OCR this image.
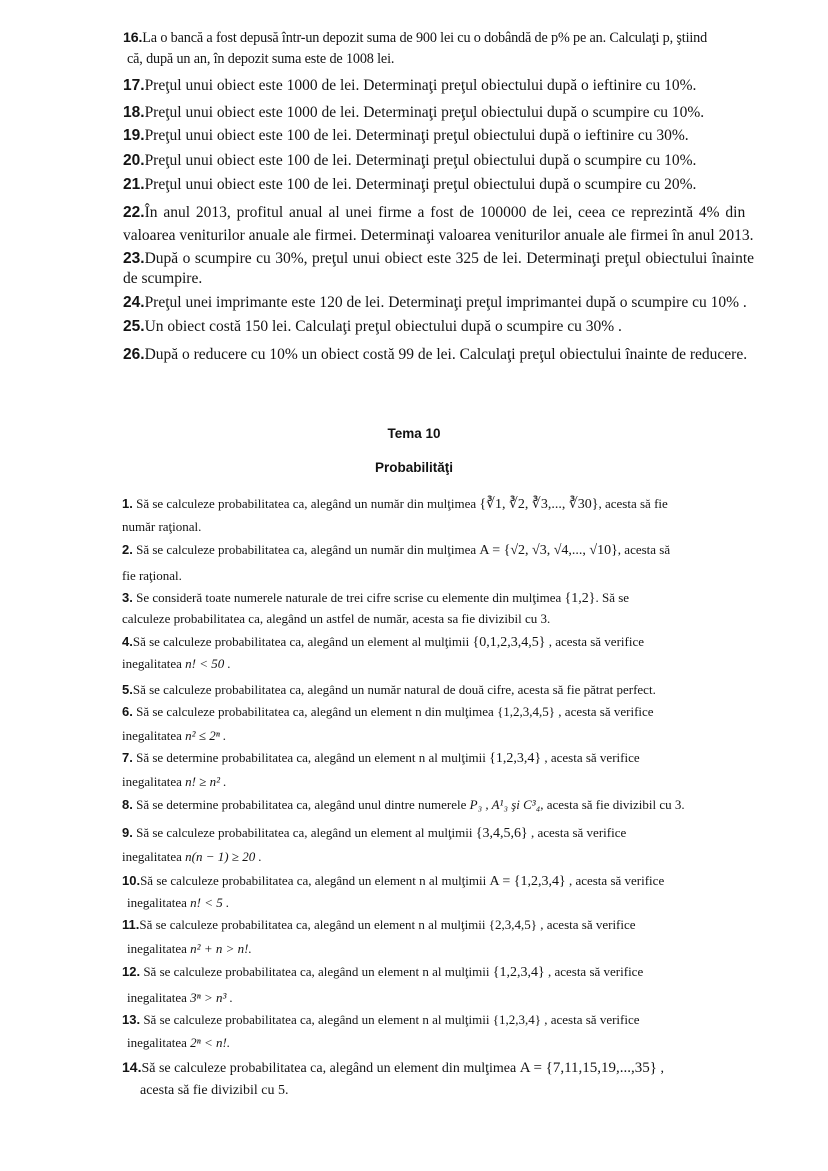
16.La o bancă a fost depusă într-un depozit suma de 900 lei cu o dobândă de p% pe an. Calculaţi p, ştiind
că, după un an, în depozit suma este de 1008 lei.
17.Preţul unui obiect este 1000 de lei. Determinaţi preţul obiectului după o ieftinire cu 10%.
18.Preţul unui obiect este 1000 de lei. Determinaţi preţul obiectului după o scumpire cu 10%.
19.Preţul unui obiect este 100 de lei. Determinaţi preţul obiectului după o ieftinire cu 30%.
20.Preţul unui obiect este 100 de lei. Determinaţi preţul obiectului după o scumpire cu 10%.
21.Preţul unui obiect este 100 de lei. Determinaţi preţul obiectului după o scumpire cu 20%.
22.În anul 2013, profitul anual al unei firme a fost de 100000 de lei, ceea ce reprezintă 4% din
valoarea veniturilor anuale ale firmei. Determinaţi valoarea veniturilor anuale ale firmei în anul 2013.
23.După o scumpire cu 30%, preţul unui obiect este 325 de lei. Determinaţi preţul obiectului înainte
de scumpire.
24.Preţul unei imprimante este 120 de lei. Determinaţi preţul imprimantei după o scumpire cu 10% .
25.Un obiect costă 150 lei. Calculaţi preţul obiectului după o scumpire cu 30% .
26.După o reducere cu 10% un obiect costă 99 de lei. Calculaţi preţul obiectului înainte de reducere.
Tema 10
Probabilităţi
1. Să se calculeze probabilitatea ca, alegând un număr din mulţimea {∛1, ∛2, ∛3,..., ∛30}, acesta să fie
număr raţional.
2. Să se calculeze probabilitatea ca, alegând un număr din mulţimea A = {√2, √3, √4,..., √10}, acesta să
fie raţional.
3. Se consideră toate numerele naturale de trei cifre scrise cu elemente din mulţimea {1,2}. Să se
calculeze probabilitatea ca, alegând un astfel de număr, acesta sa fie divizibil cu 3.
4.Să se calculeze probabilitatea ca, alegând un element al mulţimii {0,1,2,3,4,5} , acesta să verifice
inegalitatea n! < 50 .
5.Să se calculeze probabilitatea ca, alegând un număr natural de două cifre, acesta să fie pătrat perfect.
6. Să se calculeze probabilitatea ca, alegând un element n din mulţimea {1,2,3,4,5} , acesta să verifice
inegalitatea n² ≤ 2ⁿ .
7. Să se determine probabilitatea ca, alegând un element n al mulţimii {1,2,3,4} , acesta să verifice
inegalitatea n! ≥ n² .
8. Să se determine probabilitatea ca, alegând unul dintre numerele P₃ , A¹₃ şi C³₄, acesta să fie divizibil cu 3.
9. Să se calculeze probabilitatea ca, alegând un element al mulţimii {3,4,5,6} , acesta să verifice
inegalitatea n(n − 1) ≥ 20 .
10.Să se calculeze probabilitatea ca, alegând un element n al mulţimii A = {1,2,3,4} , acesta să verifice
inegalitatea n! < 5 .
11.Să se calculeze probabilitatea ca, alegând un element n al mulţimii {2,3,4,5} , acesta să verifice
inegalitatea n² + n > n!.
12. Să se calculeze probabilitatea ca, alegând un element n al mulţimii {1,2,3,4} , acesta să verifice
inegalitatea 3ⁿ > n³ .
13. Să se calculeze probabilitatea ca, alegând un element n al mulţimii {1,2,3,4} , acesta să verifice
inegalitatea 2ⁿ < n!.
14.Să se calculeze probabilitatea ca, alegând un element din mulţimea A = {7,11,15,19,...,35} ,
acesta să fie divizibil cu 5.
